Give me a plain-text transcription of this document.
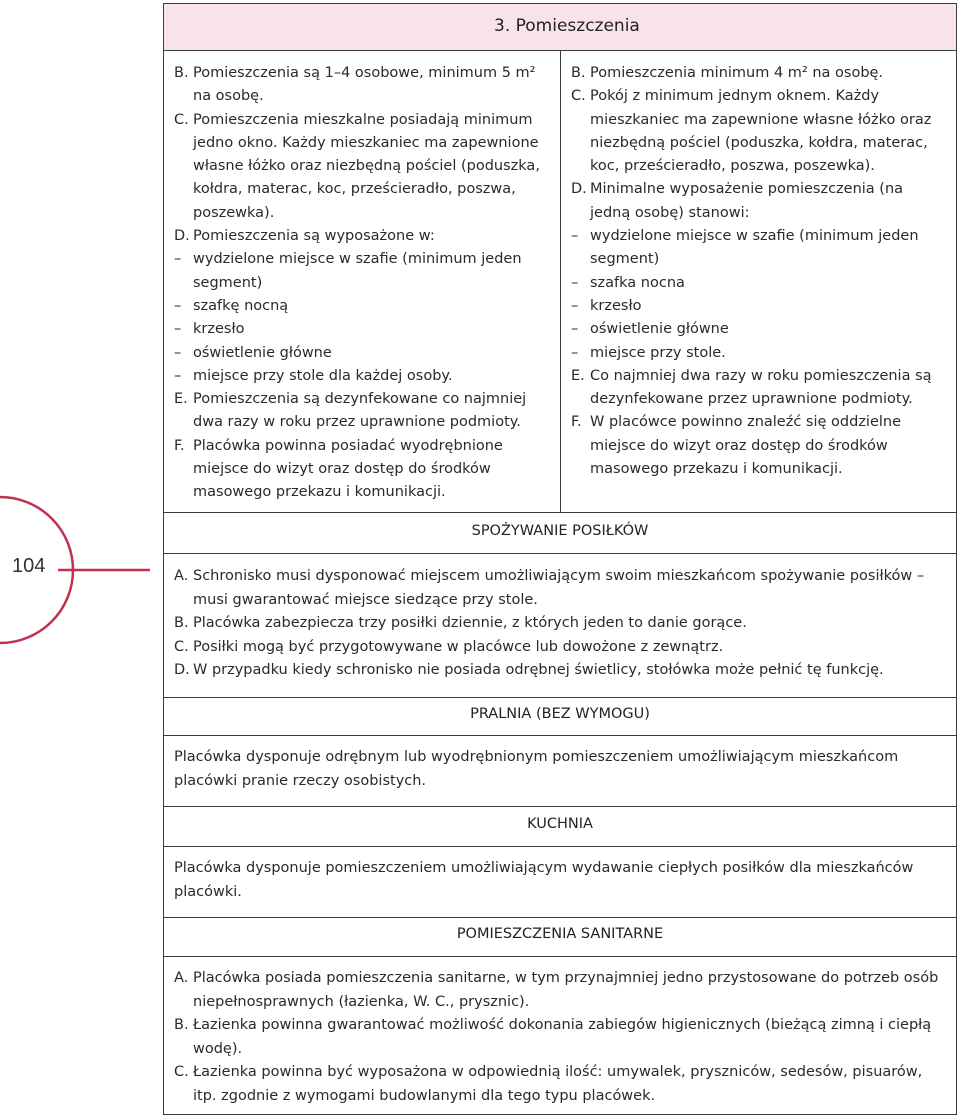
104
3. Pomieszczenia
B. Pomieszczenia są 1–4 osobowe, minimum 5 m² na osobę.
C. Pomieszczenia mieszkalne posiadają minimum jedno okno. Każdy mieszkaniec ma zapewnione własne łóżko oraz niezbędną pościel (poduszka, kołdra, materac, koc, prześcieradło, poszwa, poszewka).
D. Pomieszczenia są wyposażone w:
– wydzielone miejsce w szafie (minimum jeden segment)
– szafkę nocną
– krzesło
– oświetlenie główne
– miejsce przy stole dla każdej osoby.
E. Pomieszczenia są dezynfekowane co najmniej dwa razy w roku przez uprawnione podmioty.
F. Placówka powinna posiadać wyodrębnione miejsce do wizyt oraz dostęp do środków masowego przekazu i komunikacji.
B. Pomieszczenia minimum 4 m² na osobę.
C. Pokój z minimum jednym oknem. Każdy mieszkaniec ma zapewnione własne łóżko oraz niezbędną pościel (poduszka, kołdra, materac, koc, prześcieradło, poszwa, poszewka).
D. Minimalne wyposażenie pomieszczenia (na jedną osobę) stanowi:
– wydzielone miejsce w szafie (minimum jeden segment)
– szafka nocna
– krzesło
– oświetlenie główne
– miejsce przy stole.
E. Co najmniej dwa razy w roku pomieszczenia są dezynfekowane przez uprawnione podmioty.
F. W placówce powinno znaleźć się oddzielne miejsce do wizyt oraz dostęp do środków masowego przekazu i komunikacji.
SPOŻYWANIE POSIŁKÓW
A. Schronisko musi dysponować miejscem umożliwiającym swoim mieszkańcom spożywanie posiłków – musi gwarantować miejsce siedzące przy stole.
B. Placówka zabezpiecza trzy posiłki dziennie, z których jeden to danie gorące.
C. Posiłki mogą być przygotowywane w placówce lub dowożone z zewnątrz.
D. W przypadku kiedy schronisko nie posiada odrębnej świetlicy, stołówka może pełnić tę funkcję.
PRALNIA (BEZ WYMOGU)

Placówka dysponuje odrębnym lub wyodrębnionym pomieszczeniem umożliwiającym mieszkańcom placówki pranie rzeczy osobistych.

KUCHNIA

Placówka dysponuje pomieszczeniem umożliwiającym wydawanie ciepłych posiłków dla mieszkańców placówki.

POMIESZCZENIA SANITARNE
A. Placówka posiada pomieszczenia sanitarne, w tym przynajmniej jedno przystosowane do potrzeb osób niepełnosprawnych (łazienka, W. C., prysznic).
B. Łazienka powinna gwarantować możliwość dokonania zabiegów higienicznych (bieżącą zimną i ciepłą wodę).
C. Łazienka powinna być wyposażona w odpowiednią ilość: umywalek, pryszniców, sedesów, pisuarów, itp. zgodnie z wymogami budowlanymi dla tego typu placówek.
